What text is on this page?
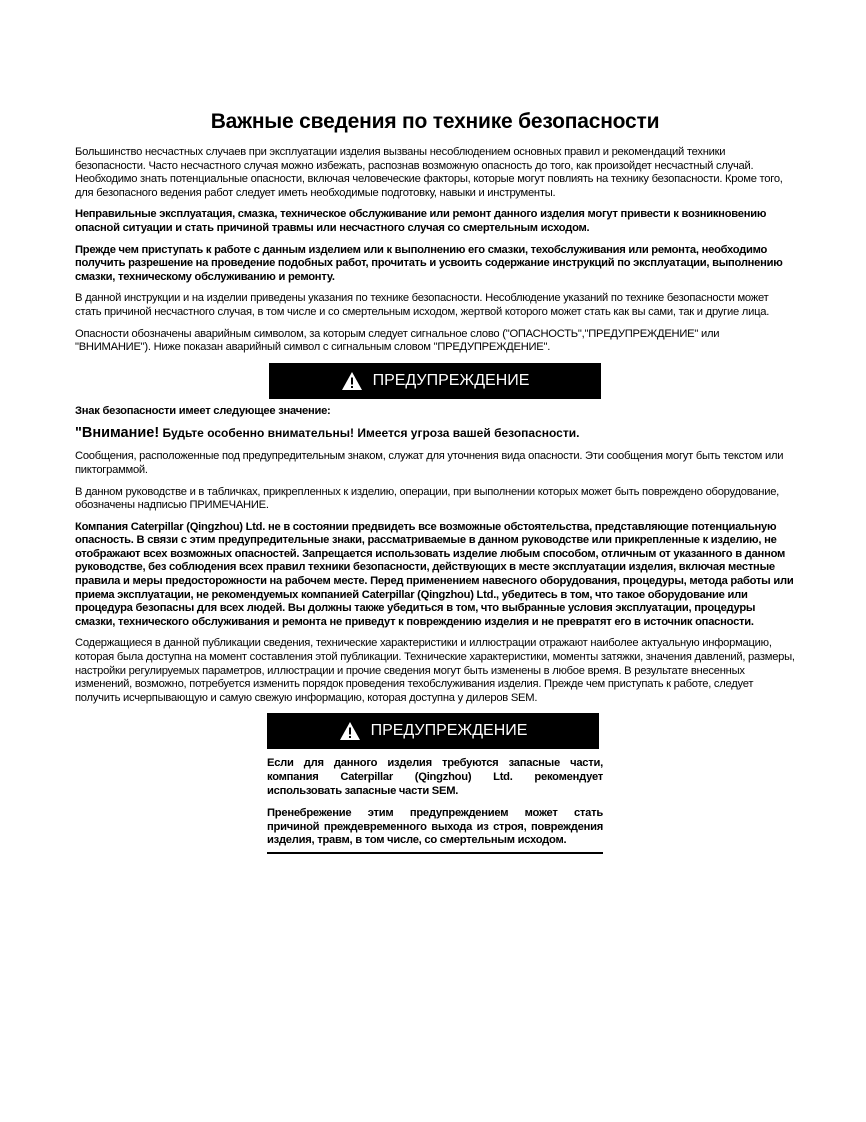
Важные сведения по технике безопасности

Большинство несчастных случаев при эксплуатации изделия вызваны несоблюдением основных правил и рекомендаций техники безопасности. Часто несчастного случая можно избежать, распознав возможную опасность до того, как произойдет несчастный случай. Необходимо знать потенциальные опасности, включая человеческие факторы, которые могут повлиять на технику безопасности. Кроме того, для безопасного ведения работ следует иметь необходимые подготовку, навыки и инструменты.

Неправильные эксплуатация, смазка, техническое обслуживание или ремонт данного изделия могут привести к возникновению опасной ситуации и стать причиной травмы или несчастного случая со смертельным исходом.

Прежде чем приступать к работе с данным изделием или к выполнению его смазки, техобслуживания или ремонта, необходимо получить разрешение на проведение подобных работ, прочитать и усвоить содержание инструкций по эксплуатации, выполнению смазки, техническому обслуживанию и ремонту.

В данной инструкции и на изделии приведены указания по технике безопасности. Несоблюдение указаний по технике безопасности может стать причиной несчастного случая, в том числе и со смертельным исходом, жертвой которого может стать как вы сами, так и другие лица.

Опасности обозначены аварийным символом, за которым следует сигнальное слово ("ОПАСНОСТЬ","ПРЕДУПРЕЖДЕНИЕ" или "ВНИМАНИЕ"). Ниже показан аварийный символ с сигнальным словом "ПРЕДУПРЕЖДЕНИЕ".

ПРЕДУПРЕЖДЕНИЕ

Знак безопасности имеет следующее значение:

"Внимание! Будьте особенно внимательны! Имеется угроза вашей безопасности.

Сообщения, расположенные под предупредительным знаком, служат для уточнения вида опасности. Эти сообщения могут быть текстом или пиктограммой.

В данном руководстве и в табличках, прикрепленных к изделию, операции, при выполнении которых может быть повреждено оборудование, обозначены надписью ПРИМЕЧАНИЕ.

Компания Caterpillar (Qingzhou) Ltd. не в состоянии предвидеть все возможные обстоятельства, представляющие потенциальную опасность. В связи с этим предупредительные знаки, рассматриваемые в данном руководстве или прикрепленные к изделию, не отображают всех возможных опасностей. Запрещается использовать изделие любым способом, отличным от указанного в данном руководстве, без соблюдения всех правил техники безопасности, действующих в месте эксплуатации изделия, включая местные правила и меры предосторожности на рабочем месте. Перед применением навесного оборудования, процедуры, метода работы или приема эксплуатации, не рекомендуемых компанией Caterpillar (Qingzhou) Ltd., убедитесь в том, что такое оборудование или процедура безопасны для всех людей. Вы должны также убедиться в том, что выбранные условия эксплуатации, процедуры смазки, технического обслуживания и ремонта не приведут к повреждению изделия и не превратят его в источник опасности.

Содержащиеся в данной публикации сведения, технические характеристики и иллюстрации отражают наиболее актуальную информацию, которая была доступна на момент составления этой публикации. Технические характеристики, моменты затяжки, значения давлений, размеры, настройки регулируемых параметров, иллюстрации и прочие сведения могут быть изменены в любое время. В результате внесенных изменений, возможно, потребуется изменить порядок проведения техобслуживания изделия. Прежде чем приступать к работе, следует получить исчерпывающую и самую свежую информацию, которая доступна у дилеров SEM.

ПРЕДУПРЕЖДЕНИЕ

Если для данного изделия требуются запасные части, компания Caterpillar (Qingzhou) Ltd. рекомендует использовать запасные части SEM.

Пренебрежение этим предупреждением может стать причиной преждевременного выхода из строя, повреждения изделия, травм, в том числе, со смертельным исходом.
